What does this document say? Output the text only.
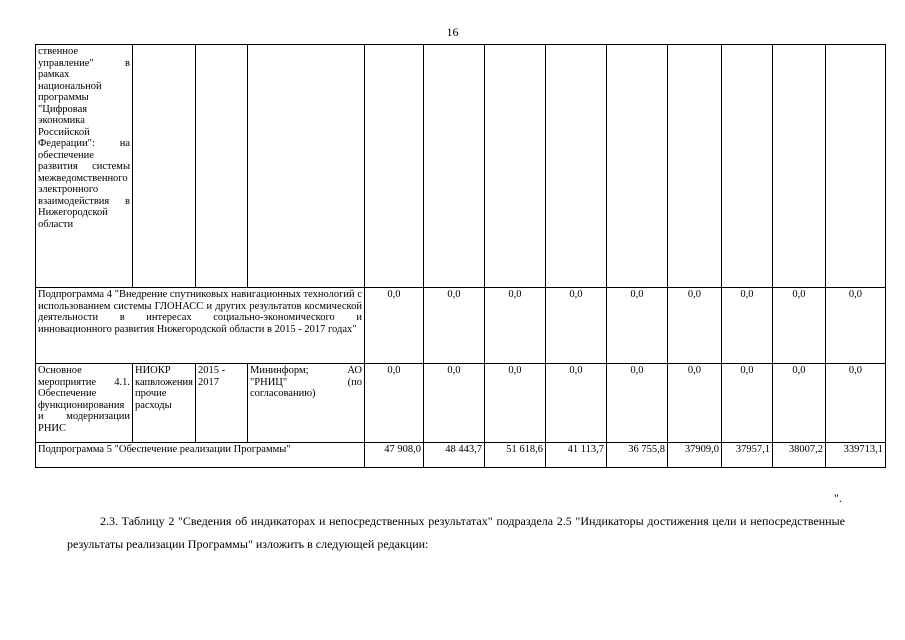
16
ственное управление" в рамках национальной программы "Цифровая экономика Российской Федерации": на обеспечение развития системы межведомственного электронного взаимодействия в Нижегородской области												
Подпрограмма 4 "Внедрение спутниковых навигационных технологий с использованием системы ГЛОНАСС и других результатов космической деятельности в интересах социально-экономического и инновационного развития Нижегородской области в 2015 - 2017 годах"				0,0	0,0	0,0	0,0	0,0	0,0	0,0	0,0	0,0
Основное мероприятие 4.1. Обеспечение функционирования и модернизации РНИС	НИОКР капвложения прочие расходы	2015 - 2017	Мининформ; АО "РНИЦ" (по согласованию)	0,0	0,0	0,0	0,0	0,0	0,0	0,0	0,0	0,0
Подпрограмма 5 "Обеспечение реализации Программы"				47 908,0	48 443,7	51 618,6	41 113,7	36 755,8	37909,0	37957,1	38007,2	339713,1
".
2.3. Таблицу 2 "Сведения об индикаторах и непосредственных результатах" подраздела 2.5 "Индикаторы достижения цели и непосредственные результаты реализации Программы" изложить в следующей редакции:
